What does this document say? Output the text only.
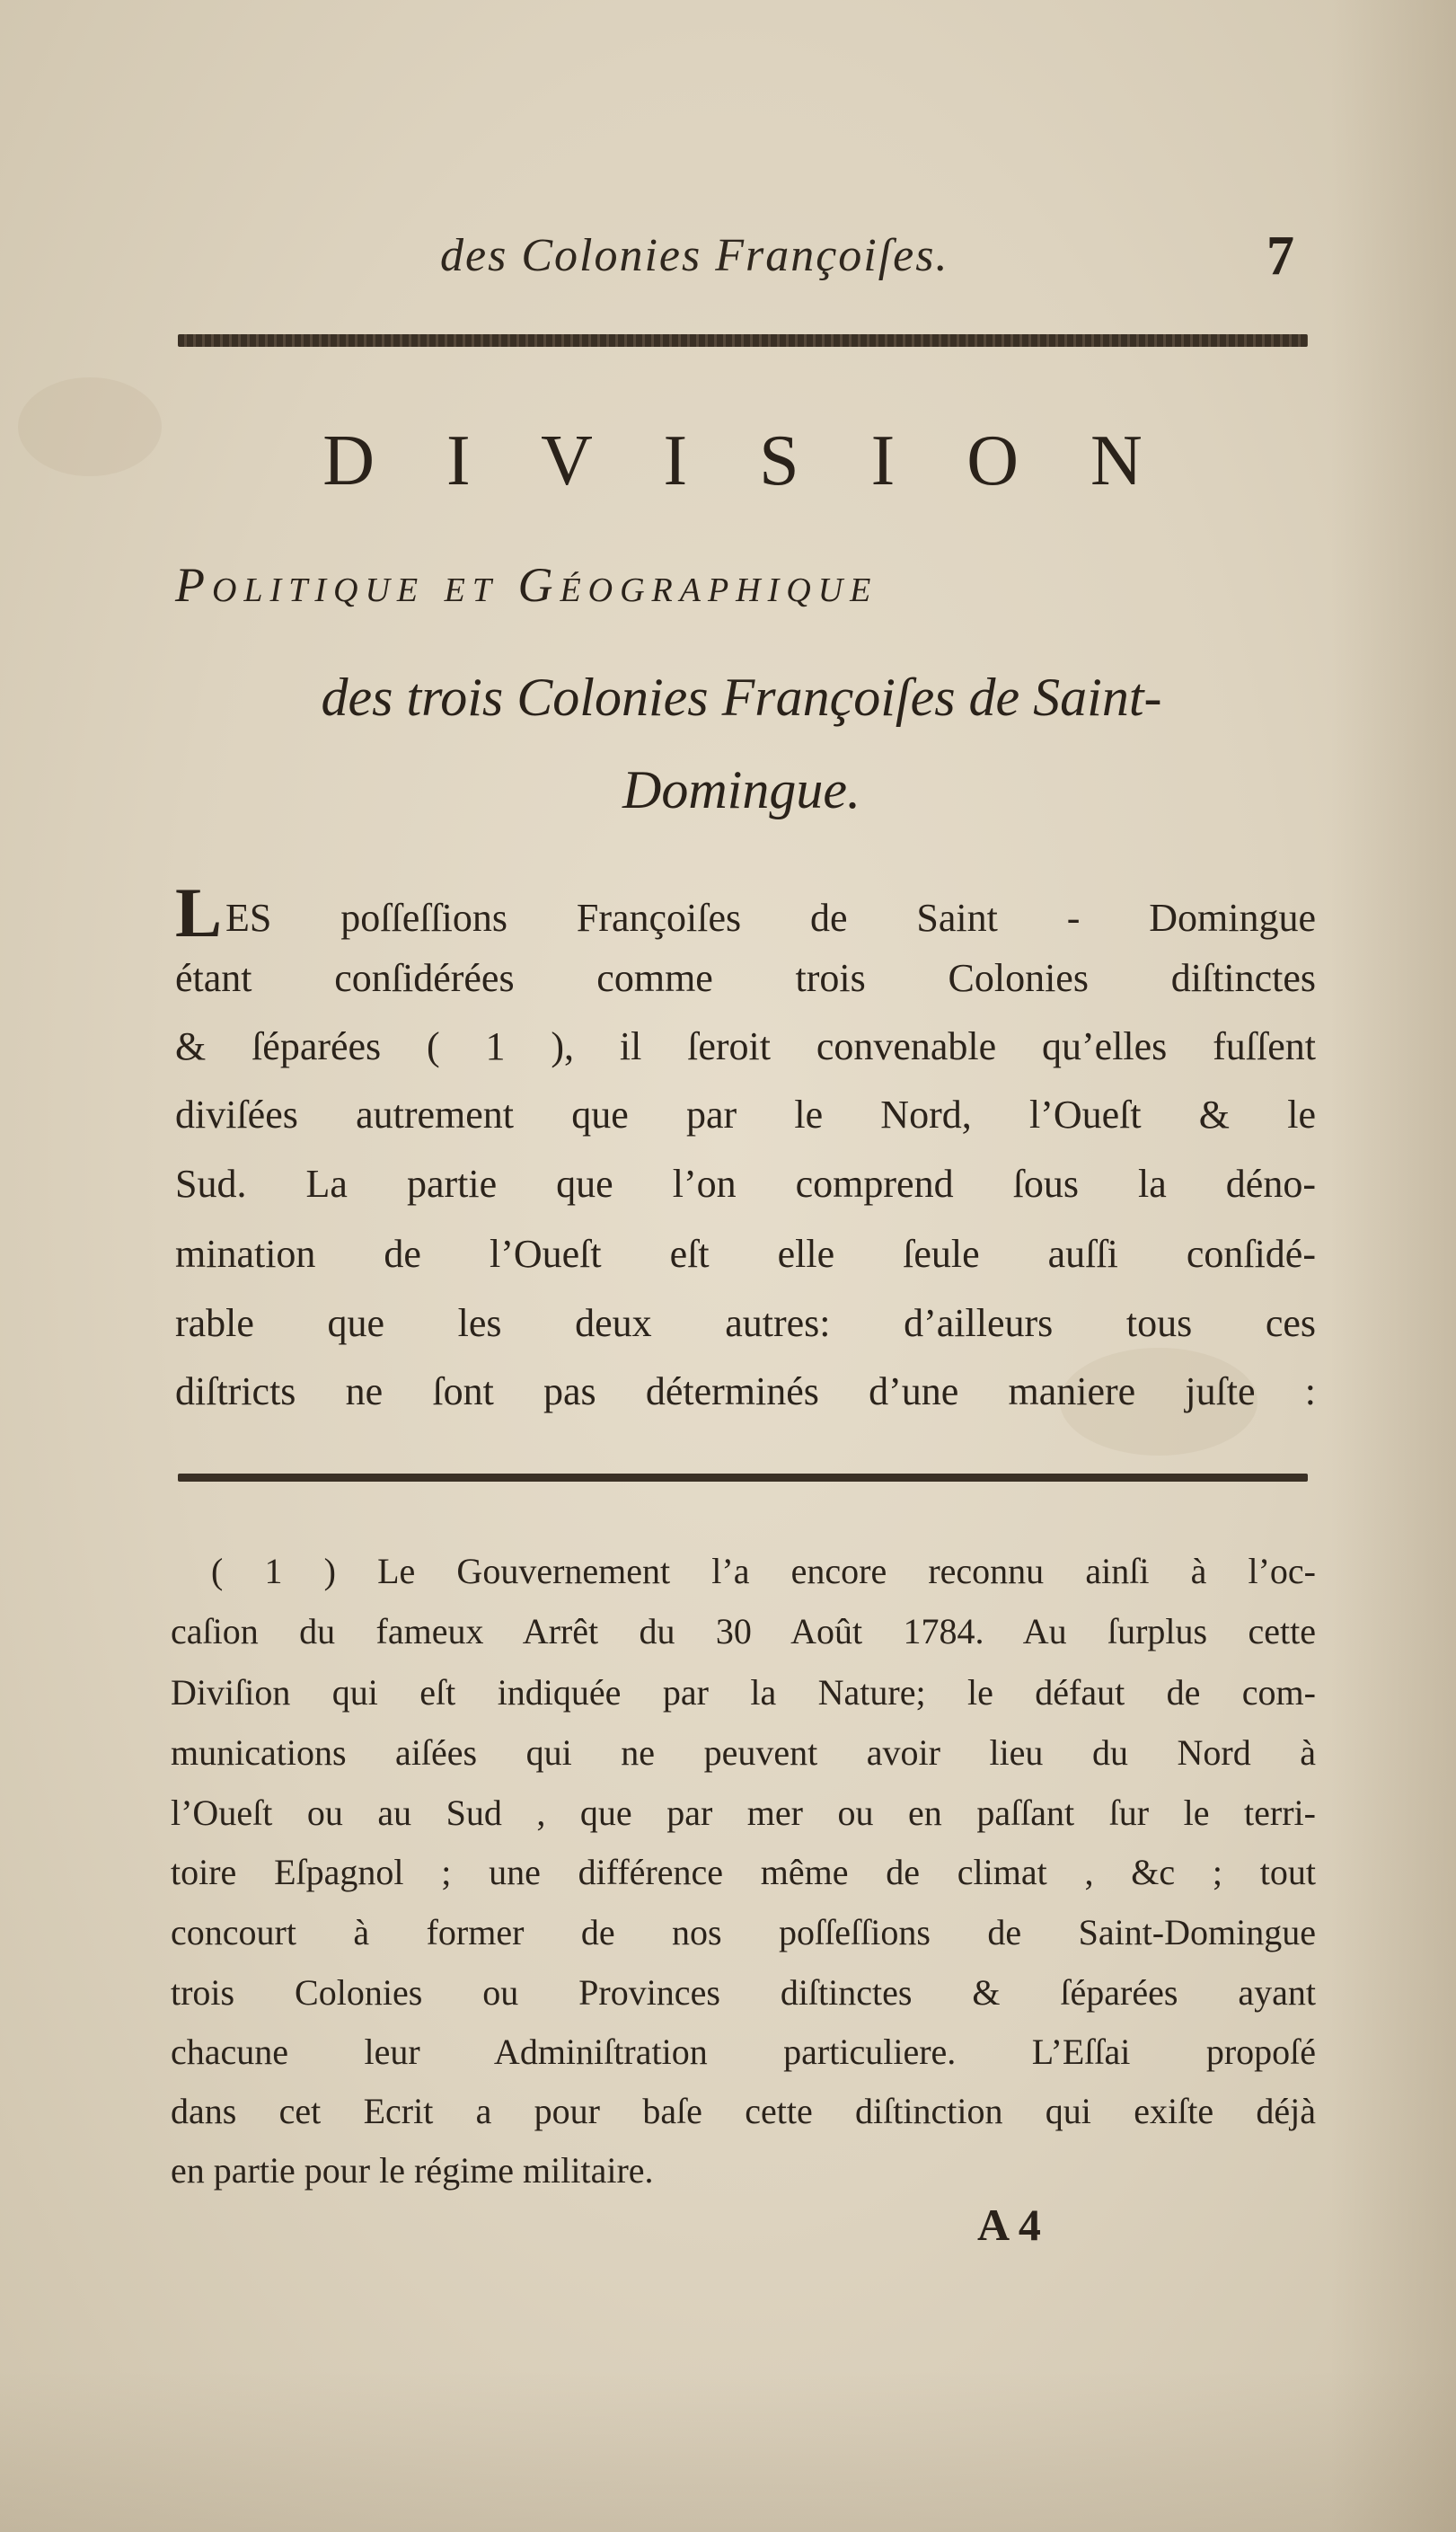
des Colonies Françoiſes.	7
D I V I S I O N
Politique et Géographique
des trois Colonies Françoiſes de Saint-
Domingue.
LES poſſeſſions Françoiſes de Saint - Domingue
étant conſidérées comme trois Colonies diſtinctes
& ſéparées ( 1 ), il ſeroit convenable qu’elles fuſſent
diviſées autrement que par le Nord, l’Oueſt & le
Sud. La partie que l’on comprend ſous la déno-
mination de l’Oueſt eſt elle ſeule auſſi conſidé-
rable que les deux autres: d’ailleurs tous ces
diſtricts ne ſont pas déterminés d’une maniere juſte :
( 1 ) Le Gouvernement l’a encore reconnu ainſi à l’oc-
caſion du fameux Arrêt du 30 Août 1784. Au ſurplus cette
Diviſion qui eſt indiquée par la Nature; le défaut de com-
munications aiſées qui ne peuvent avoir lieu du Nord à
l’Oueſt ou au Sud , que par mer ou en paſſant ſur le terri-
toire Eſpagnol ; une différence même de climat , &c ; tout
concourt à former de nos poſſeſſions de Saint-Domingue
trois Colonies ou Provinces diſtinctes & ſéparées ayant
chacune leur Adminiſtration particuliere. L’Eſſai propoſé
dans cet Ecrit a pour baſe cette diſtinction qui exiſte déjà
en partie pour le régime militaire.
A 4
